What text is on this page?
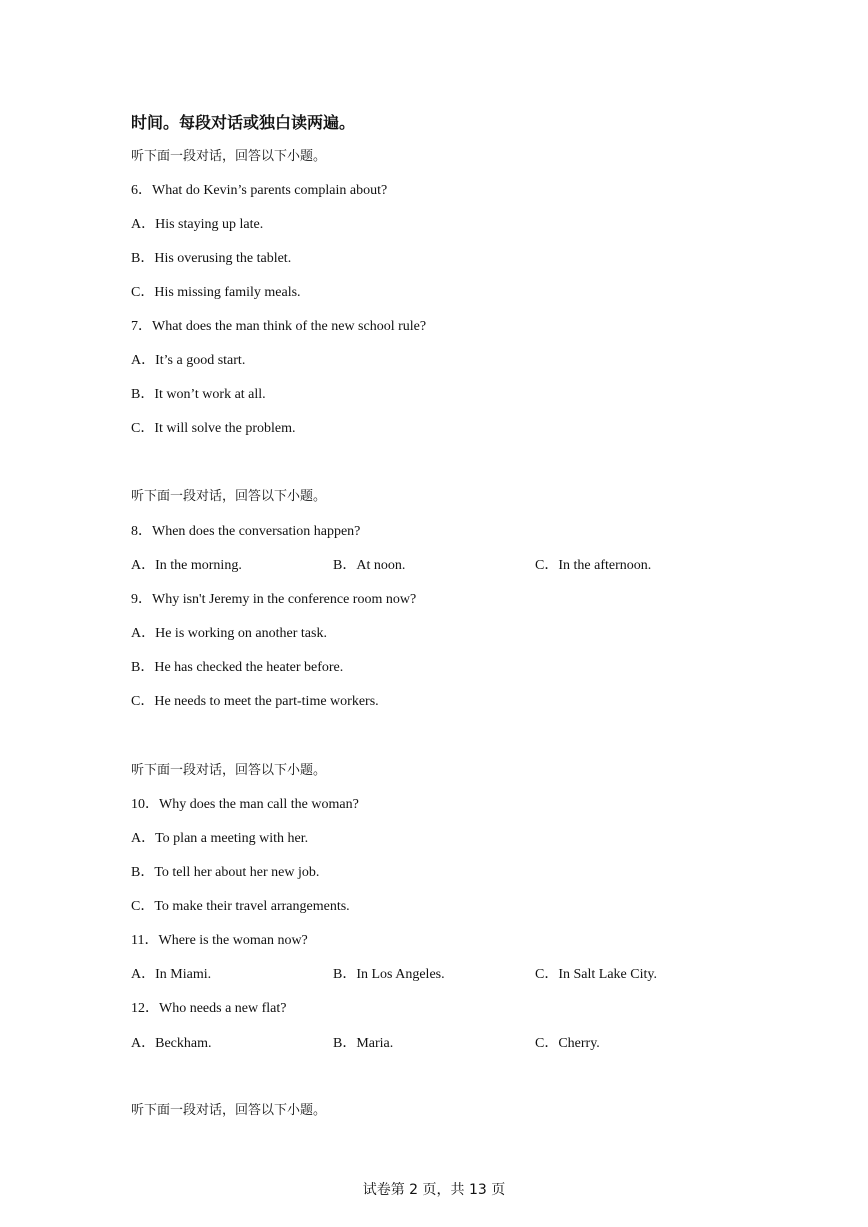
时间。每段对话或独白读两遍。
听下面一段对话，回答以下小题。
6．What do Kevin’s parents complain about?
A．His staying up late.
B．His overusing the tablet.
C．His missing family meals.
7．What does the man think of the new school rule?
A．It’s a good start.
B．It won’t work at all.
C．It will solve the problem.
听下面一段对话，回答以下小题。
8．When does the conversation happen?
A．In the morning.	B．At noon.	C．In the afternoon.
9．Why isn't Jeremy in the conference room now?
A．He is working on another task.
B．He has checked the heater before.
C．He needs to meet the part-time workers.
听下面一段对话，回答以下小题。
10．Why does the man call the woman?
A．To plan a meeting with her.
B．To tell her about her new job.
C．To make their travel arrangements.
11．Where is the woman now?
A．In Miami.	B．In Los Angeles.	C．In Salt Lake City.
12．Who needs a new flat?
A．Beckham.	B．Maria.	C．Cherry.
听下面一段对话，回答以下小题。
试卷第 2 页，共 13 页
